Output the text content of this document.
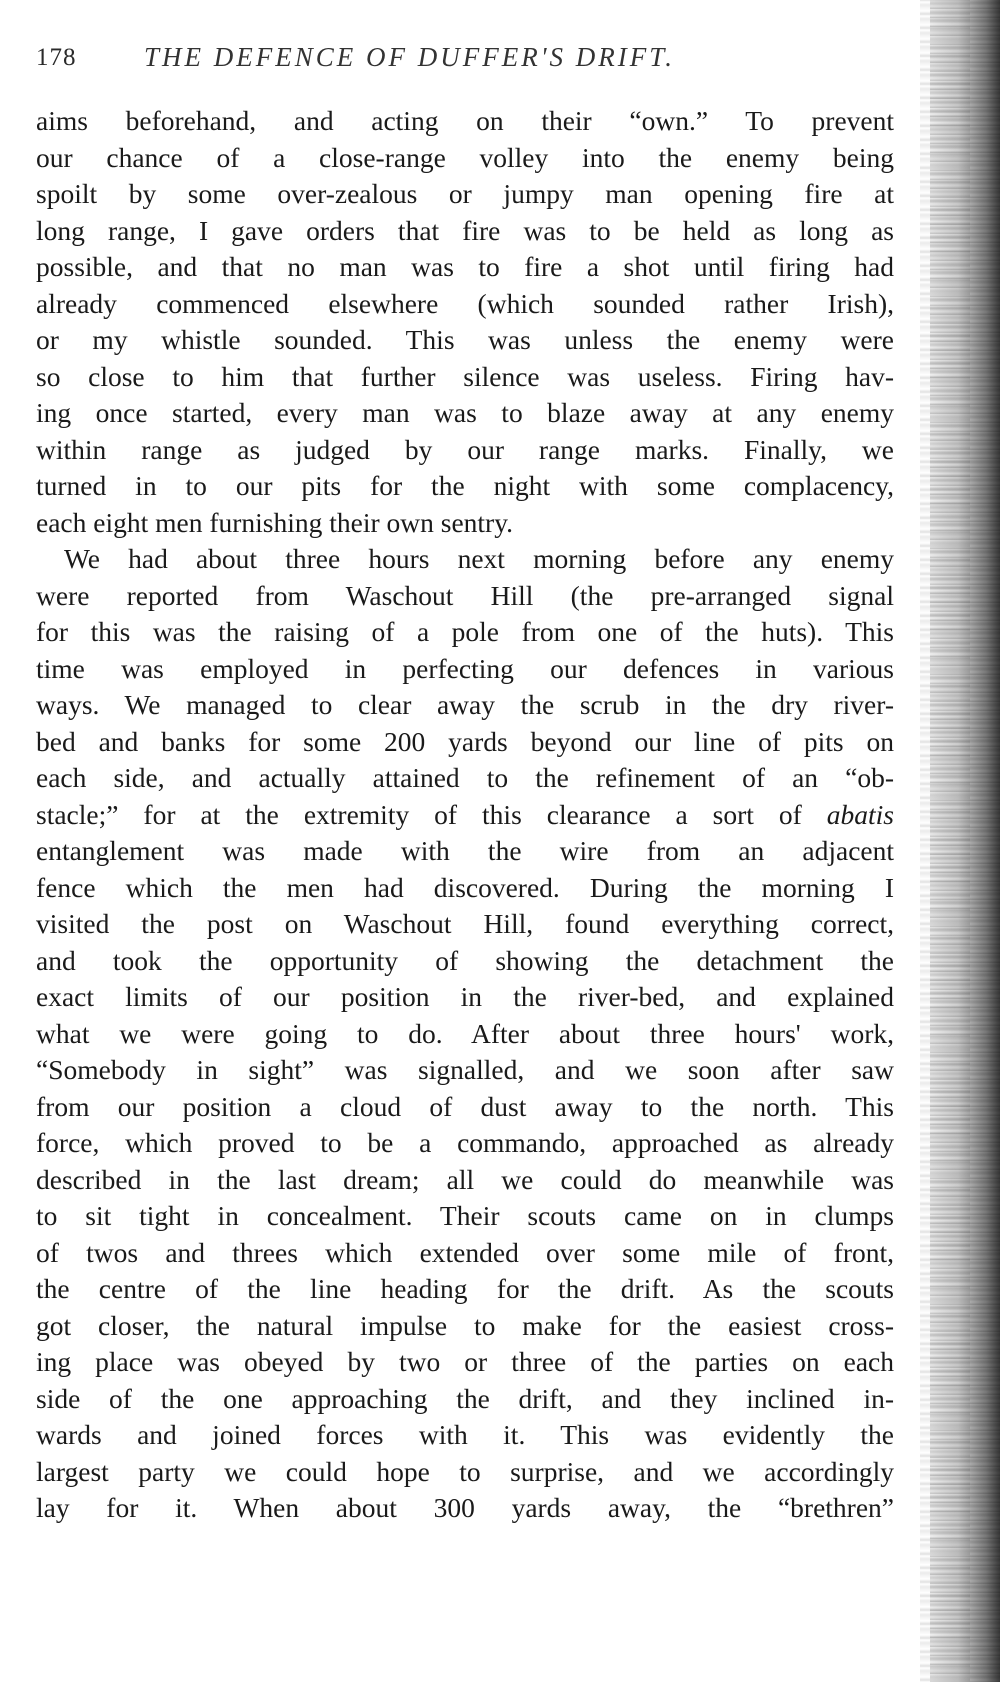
178	THE DEFENCE OF DUFFER'S DRIFT.
aims beforehand, and acting on their “own.” To prevent
our chance of a close-range volley into the enemy being
spoilt by some over-zealous or jumpy man opening fire at
long range, I gave orders that fire was to be held as long as
possible, and that no man was to fire a shot until firing had
already commenced elsewhere (which sounded rather Irish),
or my whistle sounded. This was unless the enemy were
so close to him that further silence was useless. Firing hav-
ing once started, every man was to blaze away at any enemy
within range as judged by our range marks. Finally, we
turned in to our pits for the night with some complacency,
each eight men furnishing their own sentry.
We had about three hours next morning before any enemy
were reported from Waschout Hill (the pre-arranged signal
for this was the raising of a pole from one of the huts). This
time was employed in perfecting our defences in various
ways. We managed to clear away the scrub in the dry river-
bed and banks for some 200 yards beyond our line of pits on
each side, and actually attained to the refinement of an “ob-
stacle;” for at the extremity of this clearance a sort of abatis
entanglement was made with the wire from an adjacent
fence which the men had discovered. During the morning I
visited the post on Waschout Hill, found everything correct,
and took the opportunity of showing the detachment the
exact limits of our position in the river-bed, and explained
what we were going to do. After about three hours' work,
“Somebody in sight” was signalled, and we soon after saw
from our position a cloud of dust away to the north. This
force, which proved to be a commando, approached as already
described in the last dream; all we could do meanwhile was
to sit tight in concealment. Their scouts came on in clumps
of twos and threes which extended over some mile of front,
the centre of the line heading for the drift. As the scouts
got closer, the natural impulse to make for the easiest cross-
ing place was obeyed by two or three of the parties on each
side of the one approaching the drift, and they inclined in-
wards and joined forces with it. This was evidently the
largest party we could hope to surprise, and we accordingly
lay for it. When about 300 yards away, the “brethren”
